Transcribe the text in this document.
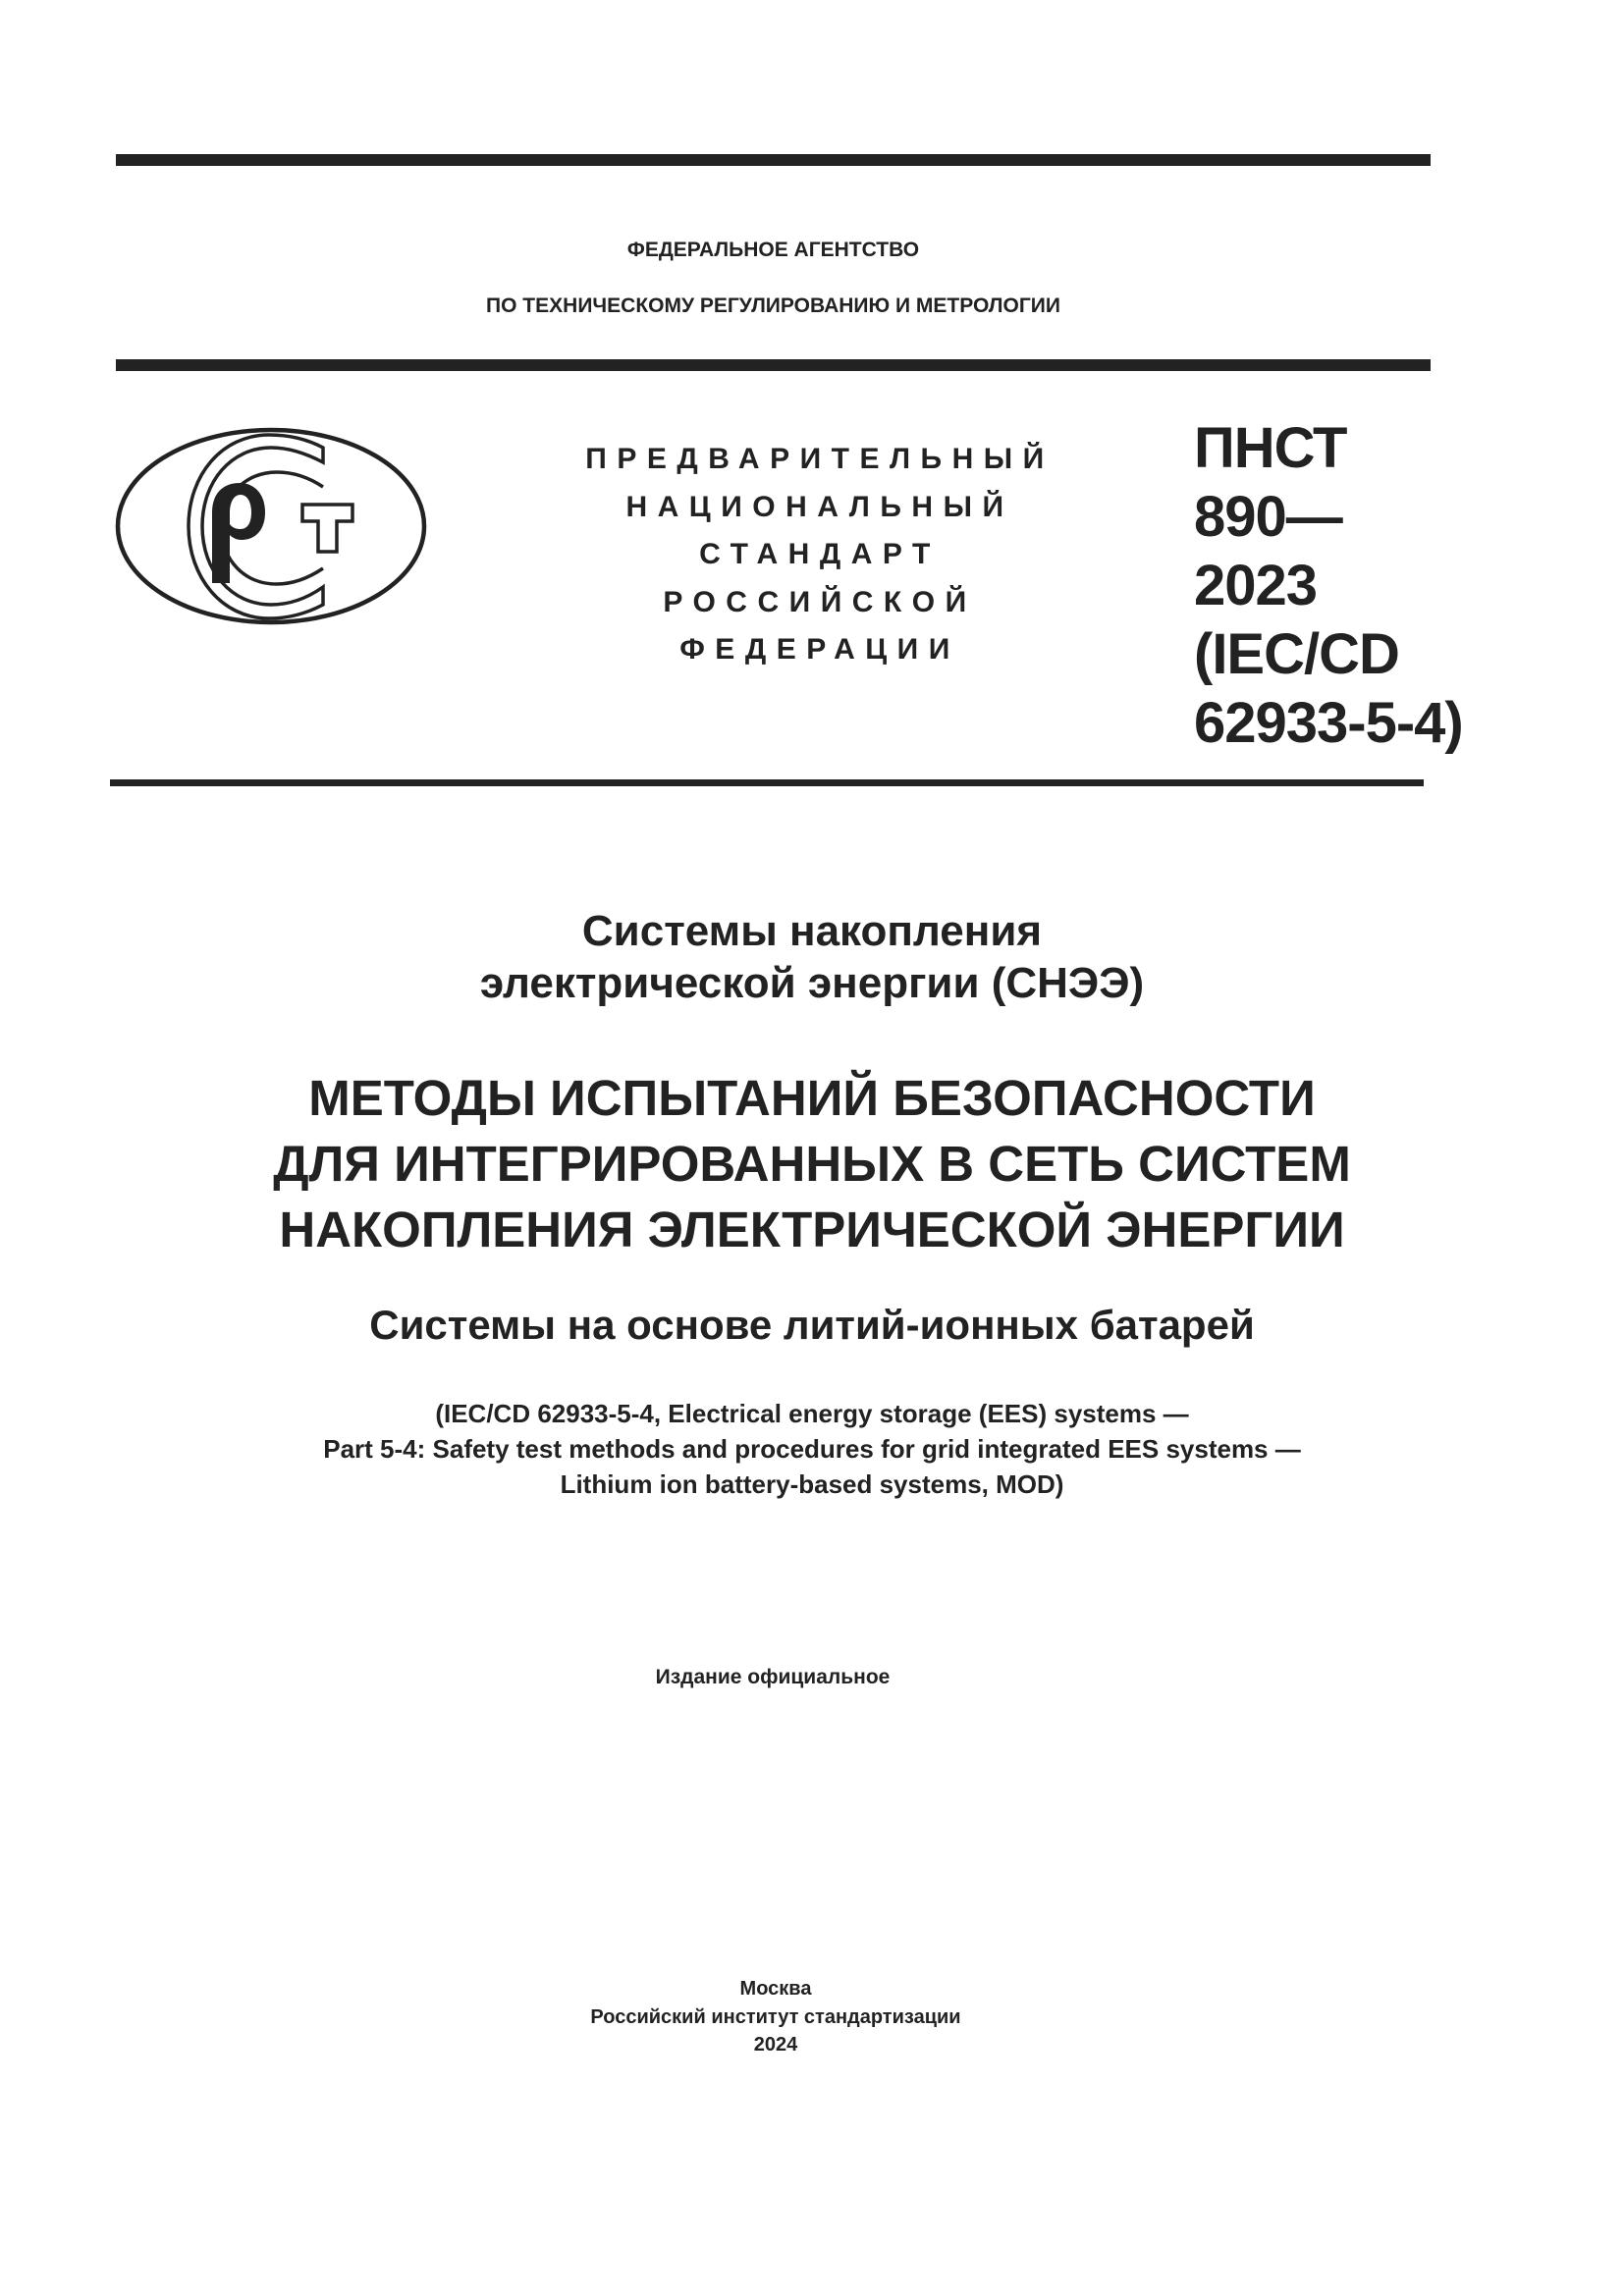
ФЕДЕРАЛЬНОЕ АГЕНТСТВО
ПО ТЕХНИЧЕСКОМУ РЕГУЛИРОВАНИЮ И МЕТРОЛОГИИ
ПРЕДВАРИТЕЛЬНЫЙ
НАЦИОНАЛЬНЫЙ
СТАНДАРТ
РОССИЙСКОЙ
ФЕДЕРАЦИИ
ПНСТ
890—
2023
(IEC/CD
62933-5-4)
Системы накопления
электрической энергии (СНЭЭ)
МЕТОДЫ ИСПЫТАНИЙ БЕЗОПАСНОСТИ
ДЛЯ ИНТЕГРИРОВАННЫХ В СЕТЬ СИСТЕМ
НАКОПЛЕНИЯ ЭЛЕКТРИЧЕСКОЙ ЭНЕРГИИ
Системы на основе литий-ионных батарей
(IEC/CD 62933-5-4, Electrical energy storage (EES) systems —
Part 5-4: Safety test methods and procedures for grid integrated EES systems —
Lithium ion battery-based systems, MOD)
Издание официальное
Москва
Российский институт стандартизации
2024
